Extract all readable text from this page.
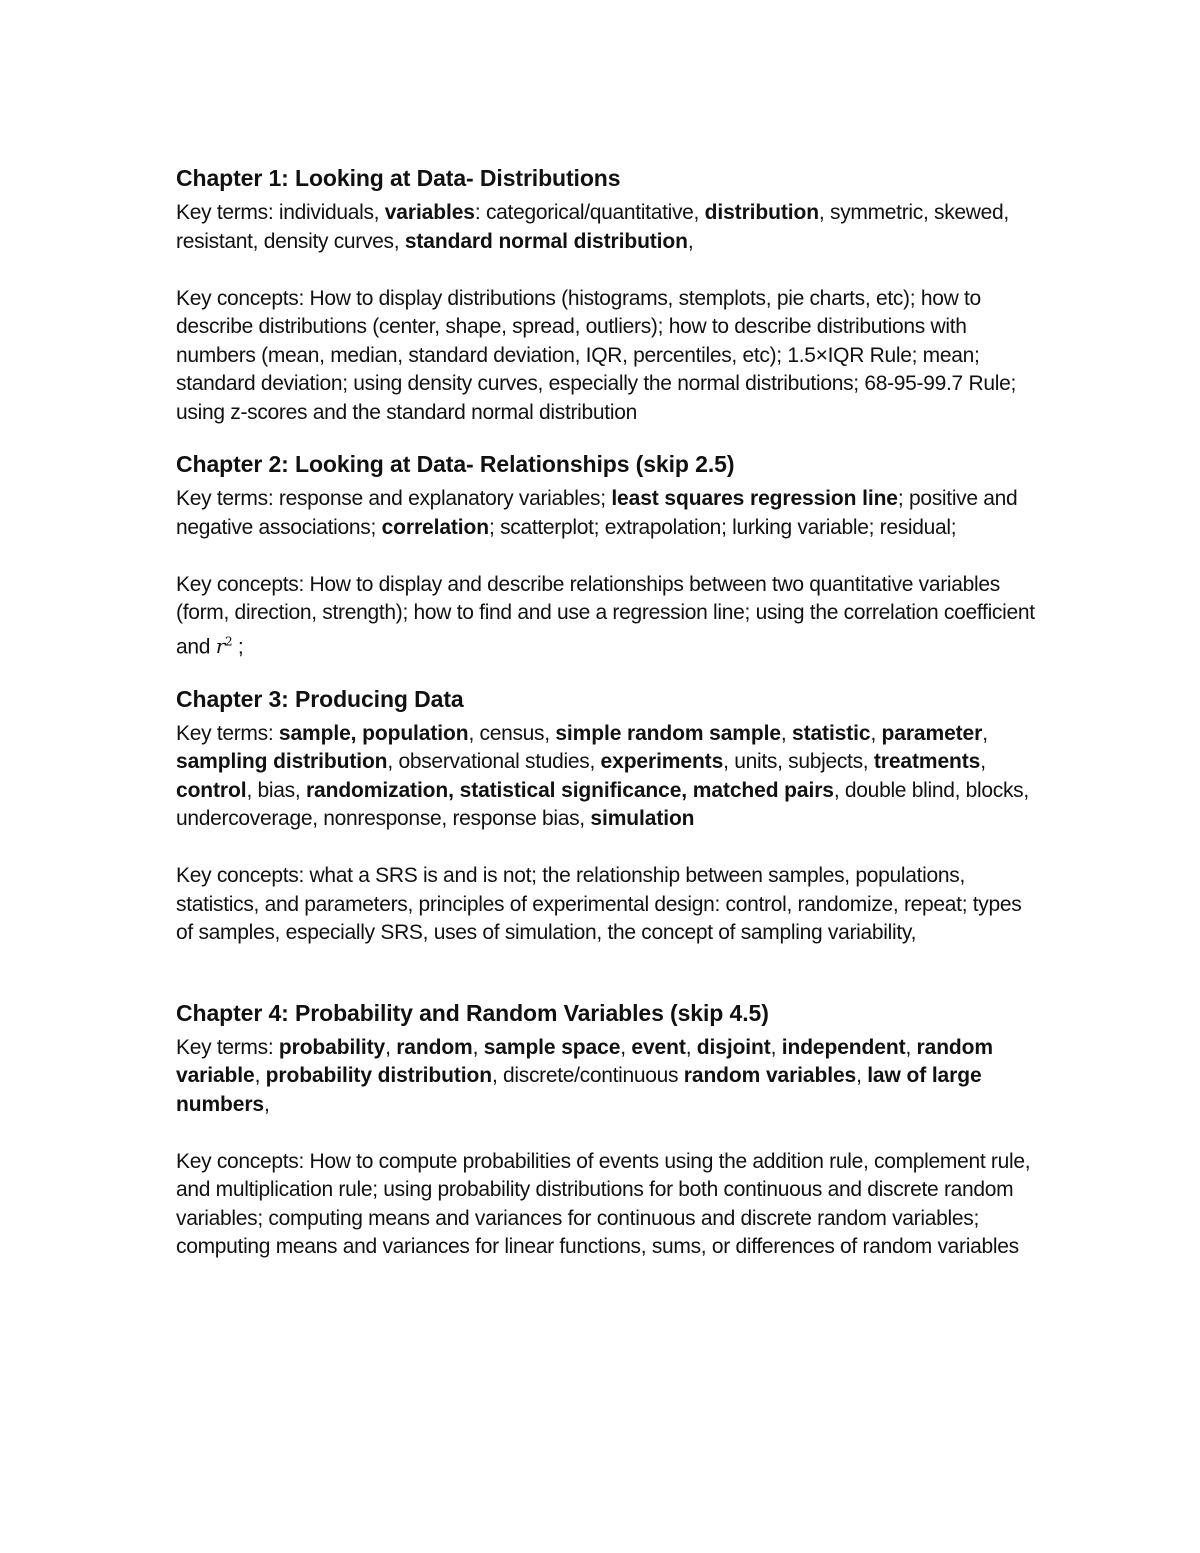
Chapter 1: Looking at Data- Distributions

Key terms: individuals, variables: categorical/quantitative, distribution, symmetric, skewed, resistant, density curves, standard normal distribution,

Key concepts: How to display distributions (histograms, stemplots, pie charts, etc); how to describe distributions (center, shape, spread, outliers); how to describe distributions with numbers (mean, median, standard deviation, IQR, percentiles, etc); 1.5×IQR Rule; mean; standard deviation; using density curves, especially the normal distributions; 68-95-99.7 Rule; using z-scores and the standard normal distribution

Chapter 2: Looking at Data- Relationships (skip 2.5)

Key terms: response and explanatory variables; least squares regression line; positive and negative associations; correlation; scatterplot; extrapolation; lurking variable; residual;

Key concepts: How to display and describe relationships between two quantitative variables (form, direction, strength); how to find and use a regression line; using the correlation coefficient and $r^2$ ;

Chapter 3: Producing Data

Key terms: sample, population, census, simple random sample, statistic, parameter, sampling distribution, observational studies, experiments, units, subjects, treatments, control, bias, randomization, statistical significance, matched pairs, double blind, blocks, undercoverage, nonresponse, response bias, simulation

Key concepts: what a SRS is and is not; the relationship between samples, populations, statistics, and parameters, principles of experimental design: control, randomize, repeat; types of samples, especially SRS, uses of simulation, the concept of sampling variability,

Chapter 4: Probability and Random Variables (skip 4.5)

Key terms: probability, random, sample space, event, disjoint, independent, random variable, probability distribution, discrete/continuous random variables, law of large numbers,

Key concepts: How to compute probabilities of events using the addition rule, complement rule, and multiplication rule; using probability distributions for both continuous and discrete random variables; computing means and variances for continuous and discrete random variables; computing means and variances for linear functions, sums, or differences of random variables
